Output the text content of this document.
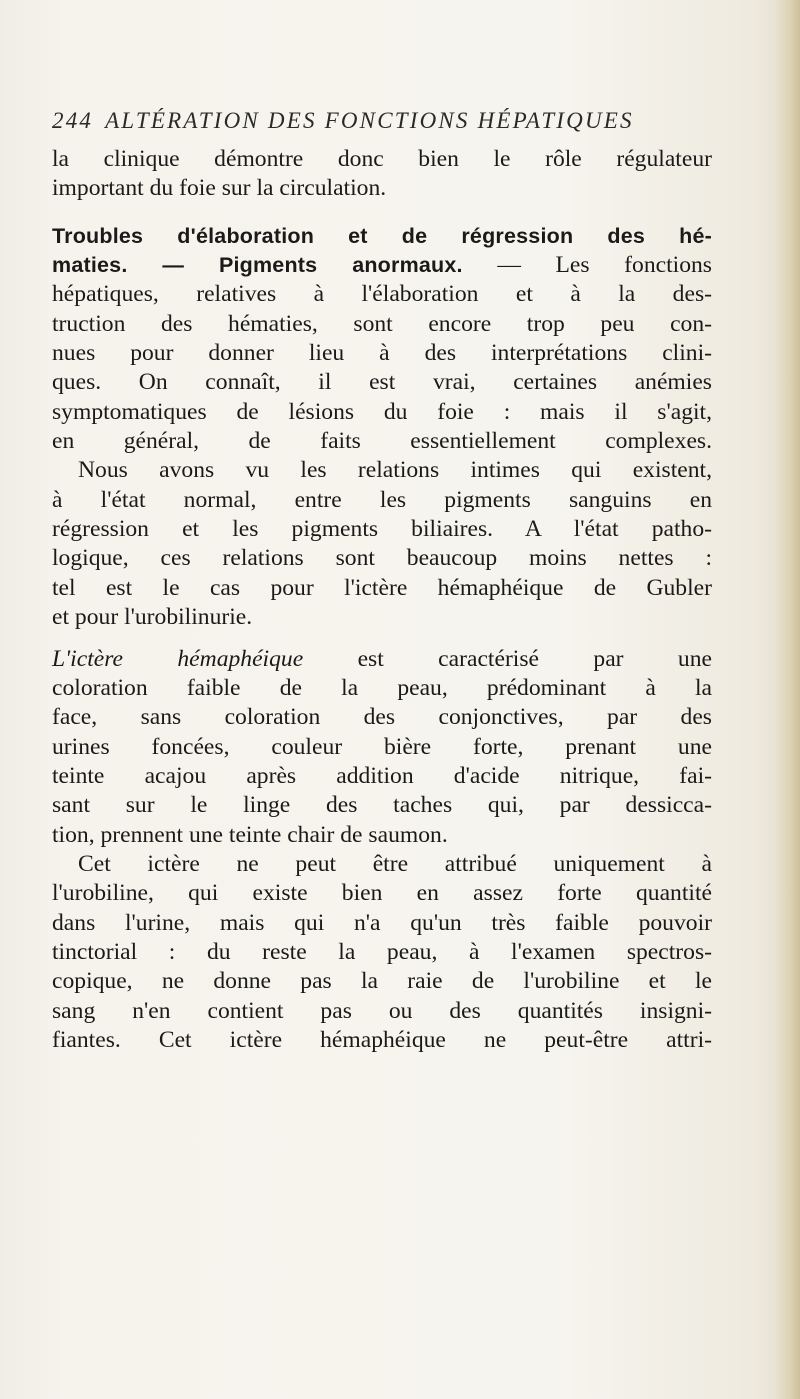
244 ALTÉRATION DES FONCTIONS HÉPATIQUES
la clinique démontre donc bien le rôle régulateur
important du foie sur la circulation.
Troubles d'élaboration et de régression des hé-
maties. — Pigments anormaux. — Les fonctions
hépatiques, relatives à l'élaboration et à la des-
truction des hématies, sont encore trop peu con-
nues pour donner lieu à des interprétations clini-
ques. On connaît, il est vrai, certaines anémies
symptomatiques de lésions du foie : mais il s'agit,
en général, de faits essentiellement complexes.
Nous avons vu les relations intimes qui existent,
à l'état normal, entre les pigments sanguins en
régression et les pigments biliaires. A l'état patho-
logique, ces relations sont beaucoup moins nettes :
tel est le cas pour l'ictère hémaphéique de Gubler
et pour l'urobilinurie.
L'ictère hémaphéique est caractérisé par une
coloration faible de la peau, prédominant à la
face, sans coloration des conjonctives, par des
urines foncées, couleur bière forte, prenant une
teinte acajou après addition d'acide nitrique, fai-
sant sur le linge des taches qui, par dessicca-
tion, prennent une teinte chair de saumon.
Cet ictère ne peut être attribué uniquement à
l'urobiline, qui existe bien en assez forte quantité
dans l'urine, mais qui n'a qu'un très faible pouvoir
tinctorial : du reste la peau, à l'examen spectros-
copique, ne donne pas la raie de l'urobiline et le
sang n'en contient pas ou des quantités insigni-
fiantes. Cet ictère hémaphéique ne peut-être attri-
